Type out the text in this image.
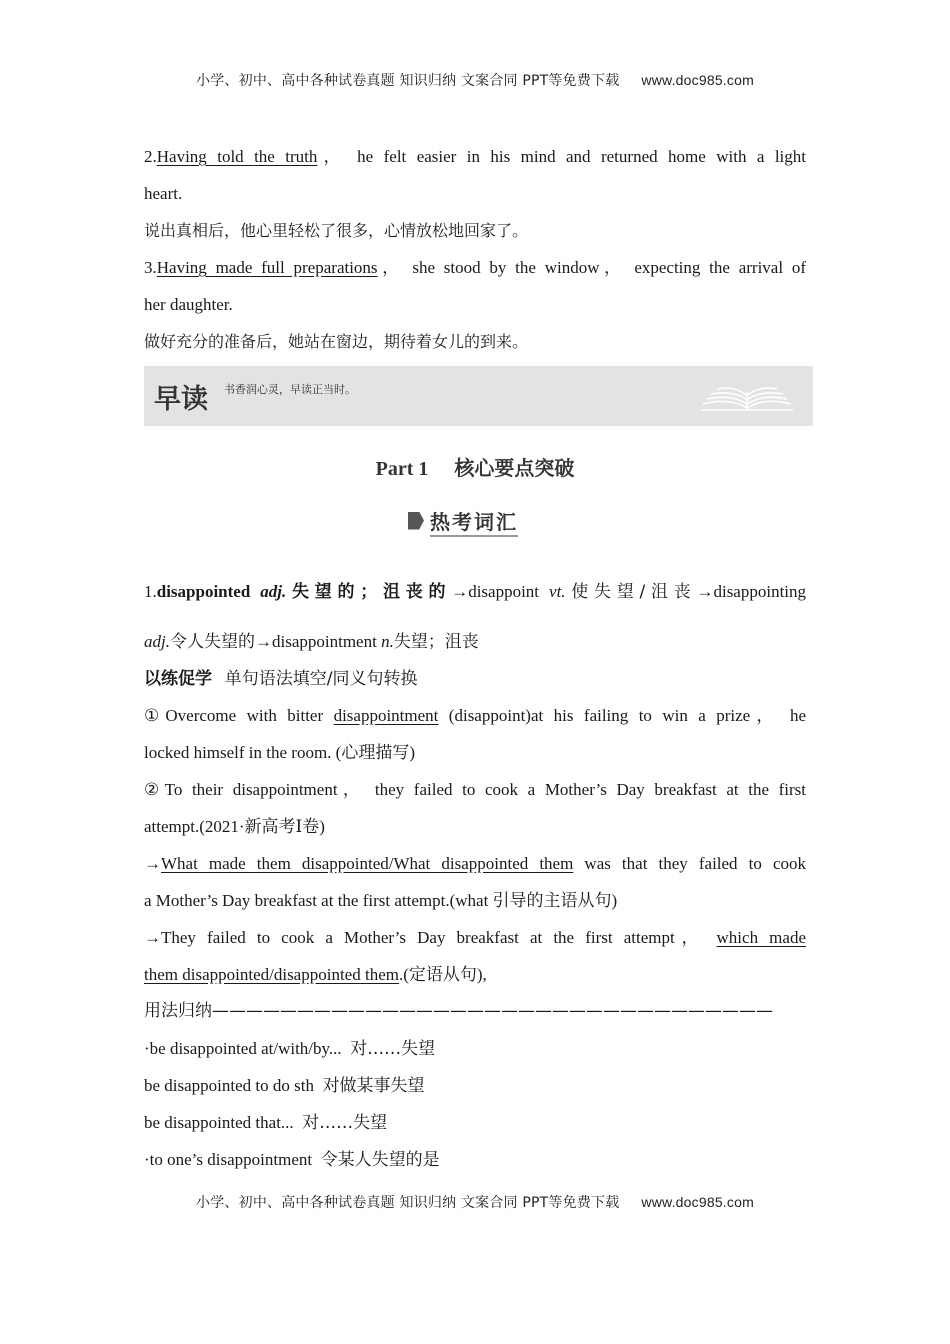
小学、初中、高中各种试卷真题 知识归纳 文案合同 PPT等免费下载 www.doc985.com
2.Having told the truth， he felt easier in his mind and returned home with a light
heart.
说出真相后，他心里轻松了很多，心情放松地回家了。
3.Having made full preparations， she stood by the window， expecting the arrival of
her daughter.
做好充分的准备后，她站在窗边，期待着女儿的到来。
早读 书香润心灵，早读正当时。
Part 1 核心要点突破
热考词汇
1.disappointed adj.失望的；沮丧的→disappoint vt.使失望/沮丧→disappointing
adj.令人失望的→disappointment n.失望；沮丧
以练促学 单句语法填空/同义句转换
①Overcome with bitter disappointment (disappoint)at his failing to win a prize， he
locked himself in the room. (心理描写)
②To their disappointment， they failed to cook a Mother’s Day breakfast at the first
attempt.(2021·新高考Ⅰ卷)
→What made them disappointed/What disappointed them was that they failed to cook
a Mother’s Day breakfast at the first attempt.(what 引导的主语从句)
→They failed to cook a Mother’s Day breakfast at the first attempt， which made
them disappointed/disappointed them.(定语从句),
用法归纳—————————————————————————————————
·be disappointed at/with/by... 对……失望
be disappointed to do sth 对做某事失望
be disappointed that... 对……失望
·to one’s disappointment 令某人失望的是
小学、初中、高中各种试卷真题 知识归纳 文案合同 PPT等免费下载 www.doc985.com
